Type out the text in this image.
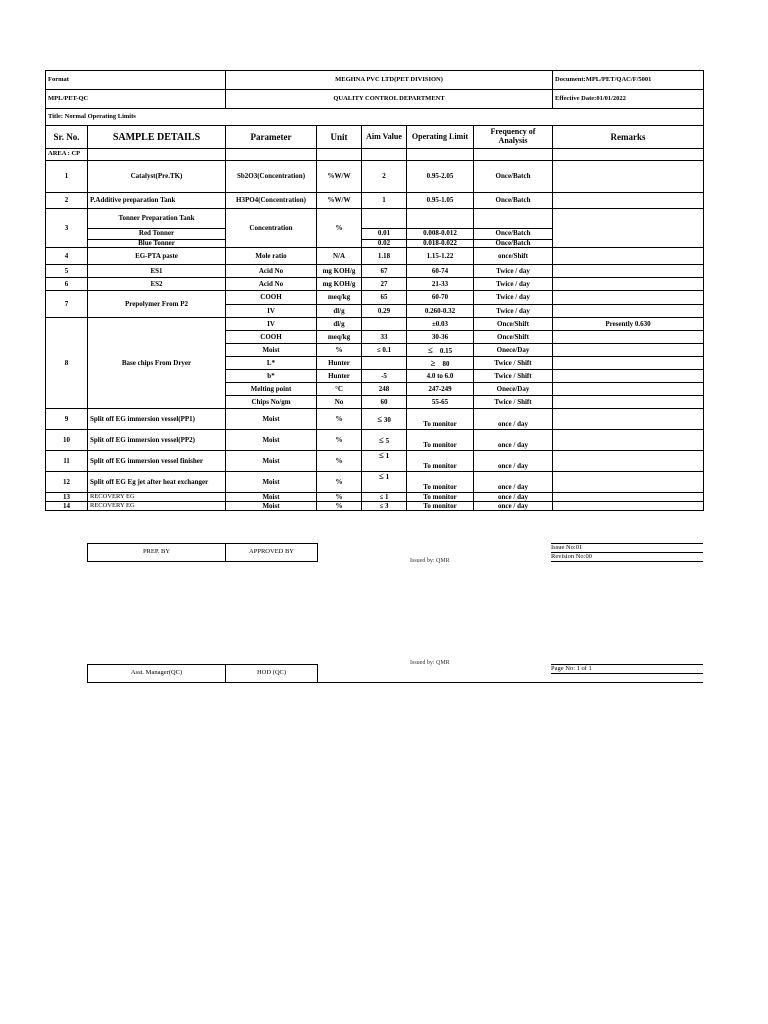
Format	MEGHNA PVC LTD(PET DIVISION)	Document:MPL/PET/QAC/F/5001
MPL/PET-QC	QUALITY CONTROL DEPARTMENT	Effective Date:01/01/2022
Title: Normal Operating Limits		
Sr. No.	SAMPLE DETAILS	Parameter	Unit	Aim Value	Operating Limit	Frequency of Analysis	Remarks
AREA : CP							
1	Catalyst(Pre.TK)	Sb2O3(Concentration)	%W/W	2	0.95-2.05	Once/Batch	
2	P.Additive preparation Tank	H3PO4(Concentration)	%W/W	1	0.95-1.05	Once/Batch	
3	Tonner Preparation Tank	Concentration	%				
	Red Tonner			0.01	0.008-0.012	Once/Batch	
	Blue Tonner			0.02	0.018-0.022	Once/Batch	
4	EG-PTA paste	Mole ratio	N/A	1.18	1.15-1.22	once/Shift	
5	ES1	Acid No	mg KOH/g	67	60-74	Twice / day	
6	ES2	Acid No	mg KOH/g	27	21-33	Twice / day	
7	Prepolymer From P2	COOH	meq/kg	65	60-70	Twice / day	
		IV	dl/g	0.29	0.260-0.32	Twice / day	
8	Base chips From Dryer	IV	dl/g		±0.03	Once/Shift	Presently 0.630
		COOH	meq/kg	33	30-36	Once/Shift	
		Moist	%	≤ 0.1	≤ 0.15	Onece/Day	
		L*	Hunter		≥ 80	Twice / Shift	
		b*	Hunter	-5	4.0 to 6.0	Twice / Shift	
		Melting point	°C	248	247-249	Onece/Day	
		Chips No/gm	No	60	55-65	Twice / Shift	
9	Split off EG immersion vessel(PP1)	Moist	%	≤ 30	To monitor	once / day	
10	Split off EG immersion vessel(PP2)	Moist	%	≤ 5	To monitor	once / day	
11	Split off EG immersion vessel finisher	Moist	%	≤ 1	To monitor	once / day	
12	Split off EG Eg jet after heat exchanger	Moist	%	≤ 1	To monitor	once / day	
13	RECOVERY EG	Moist	%	≤ 1	To monitor	once / day	
14	RECOVERY EG	Moist	%	≤ 3	To monitor	once / day	
PREP. BY	APPROVED BY
Issued by: QMR
Issue No:01
Revision No:00
Issued by: QMR
Asst. Manager(QC)	HOD (QC)
Page No: 1 of 1
